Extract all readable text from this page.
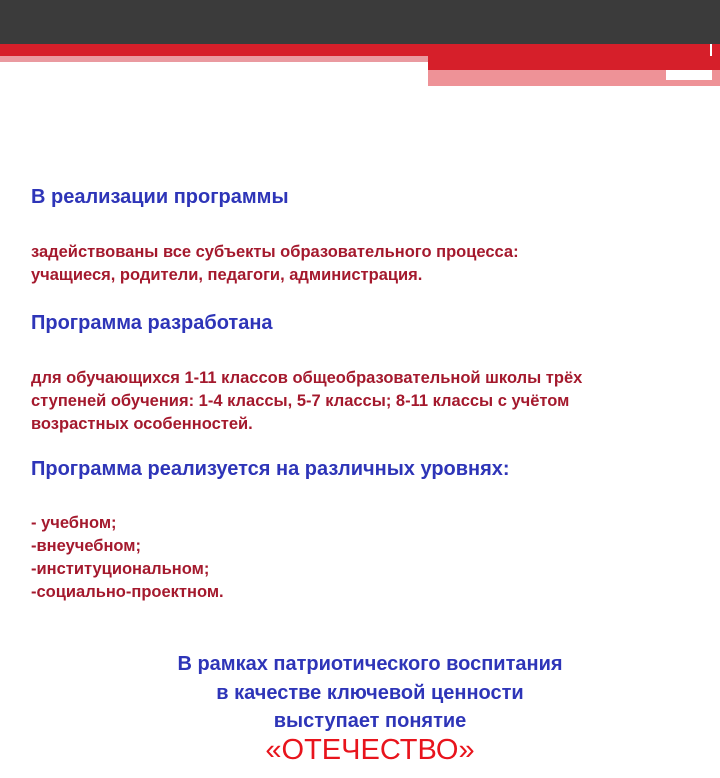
В реализации программы
задействованы все субъекты образовательного процесса:
учащиеся, родители, педагоги, администрация.
Программа разработана
для обучающихся 1-11 классов общеобразовательной школы трёх
ступеней обучения: 1-4 классы, 5-7 классы; 8-11 классы с учётом
возрастных особенностей.
Программа реализуется на различных уровнях:
- учебном;
-внеучебном;
-институциональном;
-социально-проектном.
В рамках патриотического воспитания
в качестве ключевой ценности
выступает понятие
«ОТЕЧЕСТВО»
